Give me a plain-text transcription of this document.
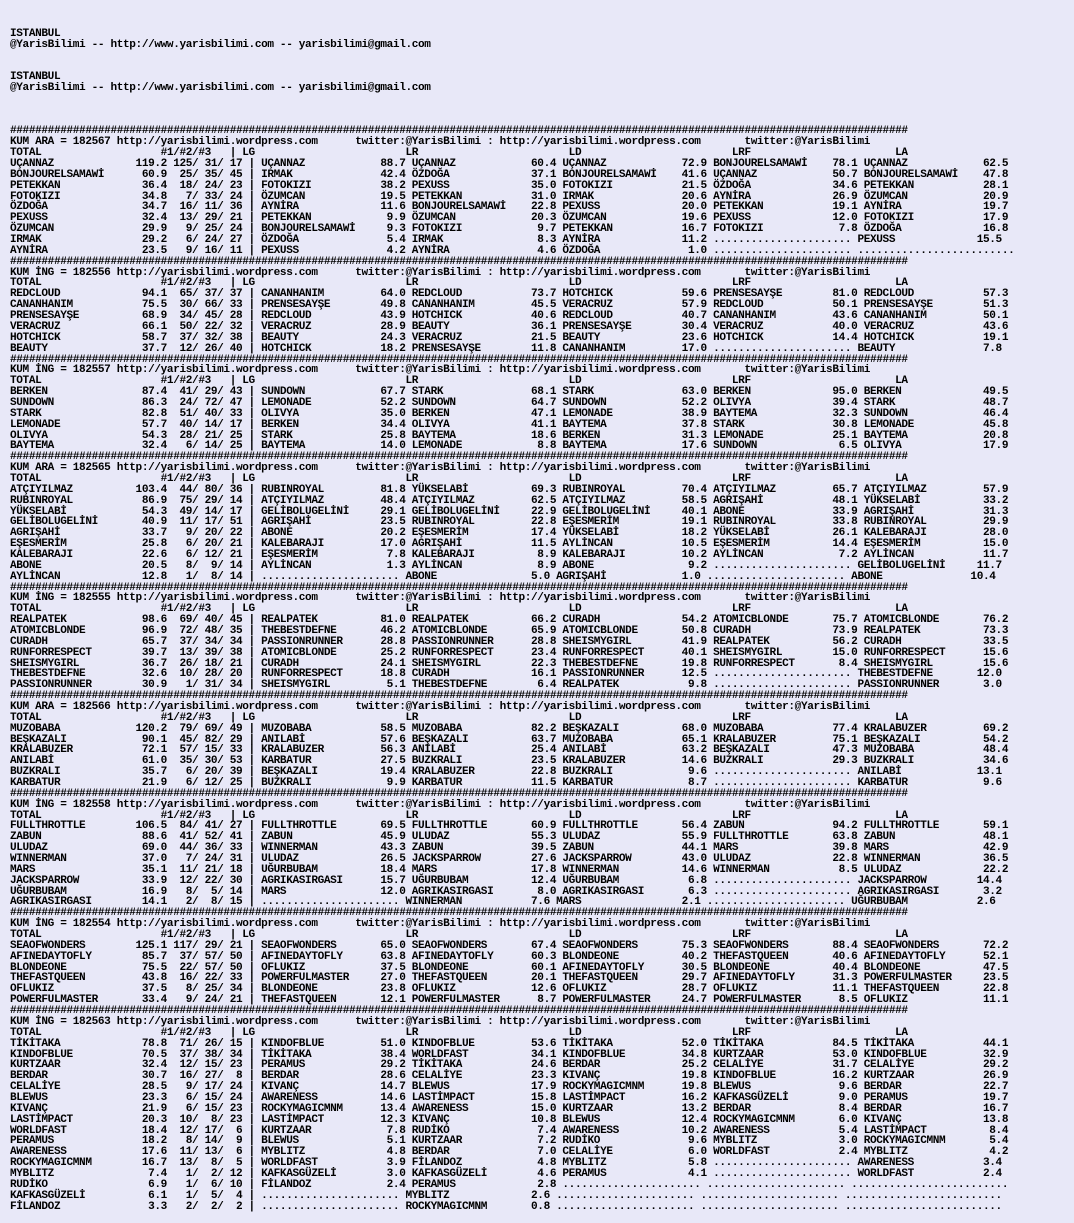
ISTANBUL
@YarisBilimi -- http://www.yarisbilimi.com -- yarisbilimi@gmail.com

ISTANBUL
@YarisBilimi -- http://www.yarisbilimi.com -- yarisbilimi@gmail.com

###############################################################################################################################################
KUM ARA = 182567 http://yarisbilimi.wordpress.com      twitter:@YarisBilimi : http://yarisbilimi.wordpress.com       twitter:@YarisBilimi
TOTAL                   #1/#2/#3   | LG                        LR                        LD                        LRF                       LA
UÇANNAZ             119.2 125/ 31/ 17 | UÇANNAZ            88.7 UÇANNAZ            60.4 UÇANNAZ            72.9 BONJOURELSAMAWİ    78.1 UÇANNAZ            62.5
BONJOURELSAMAWİ      60.9  25/ 35/ 45 | IRMAK              42.4 ÖZDOĞA             37.1 BONJOURELSAMAWİ    41.6 UÇANNAZ            50.7 BONJOURELSAMAWİ    47.8
PETEKKAN             36.4  18/ 24/ 23 | FOTOKIZI           38.2 PEXUSS             35.0 FOTOKIZI           21.5 ÖZDOĞA             34.6 PETEKKAN           28.1
FOTOKIZI             34.8   7/ 33/ 24 | ÖZUMCAN            19.5 PETEKKAN           31.0 IRMAK              20.6 AYNİRA             26.9 ÖZUMCAN            20.9
ÖZDOĞA               34.7  16/ 11/ 36 | AYNİRA             11.6 BONJOURELSAMAWİ    22.8 PEXUSS             20.0 PETEKKAN           19.1 AYNİRA             19.7
PEXUSS               32.4  13/ 29/ 21 | PETEKKAN            9.9 ÖZUMCAN            20.3 ÖZUMCAN            19.6 PEXUSS             12.0 FOTOKIZI           17.9
ÖZUMCAN              29.9   9/ 25/ 24 | BONJOURELSAMAWİ     9.3 FOTOKIZI            9.7 PETEKKAN           16.7 FOTOKIZI            7.8 ÖZDOĞA             16.8
IRMAK                29.2   6/ 24/ 27 | ÖZDOĞA              5.4 IRMAK               8.3 AYNİRA             11.2 ...................... PEXUSS             15.5
AYNİRA               23.5   9/ 16/ 11 | PEXUSS              4.2 AYNİRA              4.6 ÖZDOĞA              1.0 ...................... .........................
###############################################################################################################################################
KUM İNG = 182556 http://yarisbilimi.wordpress.com      twitter:@YarisBilimi : http://yarisbilimi.wordpress.com       twitter:@YarisBilimi
TOTAL                   #1/#2/#3   | LG                        LR                        LD                        LRF                       LA
REDCLOUD             94.1  65/ 37/ 37 | CANANHANIM         64.0 REDCLOUD           73.7 HOTCHICK           59.6 PRENSESAYŞE        81.0 REDCLOUD           57.3
CANANHANIM           75.5  30/ 66/ 33 | PRENSESAYŞE        49.8 CANANHANIM         45.5 VERACRUZ           57.9 REDCLOUD           50.1 PRENSESAYŞE        51.3
PRENSESAYŞE          68.9  34/ 45/ 28 | REDCLOUD           43.9 HOTCHICK           40.6 REDCLOUD           40.7 CANANHANIM         43.6 CANANHANIM         50.1
VERACRUZ             66.1  50/ 22/ 32 | VERACRUZ           28.9 BEAUTY             36.1 PRENSESAYŞE        30.4 VERACRUZ           40.0 VERACRUZ           43.6
HOTCHICK             58.7  37/ 32/ 38 | BEAUTY             24.3 VERACRUZ           21.5 BEAUTY             23.6 HOTCHICK           14.4 HOTCHICK           19.1
BEAUTY               37.7  12/ 26/ 40 | HOTCHICK           18.2 PRENSESAYŞE        11.8 CANANHANIM         17.0 ...................... BEAUTY              7.8
###############################################################################################################################################
KUM İNG = 182557 http://yarisbilimi.wordpress.com      twitter:@YarisBilimi : http://yarisbilimi.wordpress.com       twitter:@YarisBilimi
TOTAL                   #1/#2/#3   | LG                        LR                        LD                        LRF                       LA
BERKEN               87.4  41/ 29/ 43 | SUNDOWN            67.7 STARK              68.1 STARK              63.0 BERKEN             95.0 BERKEN             49.5
SUNDOWN              86.3  24/ 72/ 47 | LEMONADE           52.2 SUNDOWN            64.7 SUNDOWN            52.2 OLIVYA             39.4 STARK              48.7
STARK                82.8  51/ 40/ 33 | OLIVYA             35.0 BERKEN             47.1 LEMONADE           38.9 BAYTEMA            32.3 SUNDOWN            46.4
LEMONADE             57.7  40/ 14/ 17 | BERKEN             34.4 OLIVYA             41.1 BAYTEMA            37.8 STARK              30.8 LEMONADE           45.8
OLIVYA               54.3  28/ 21/ 25 | STARK              25.8 BAYTEMA            18.6 BERKEN             31.3 LEMONADE           25.1 BAYTEMA            20.8
BAYTEMA              32.4   6/ 14/ 25 | BAYTEMA            14.0 LEMONADE            8.8 BAYTEMA            17.6 SUNDOWN             6.5 OLIVYA             17.9
###############################################################################################################################################
KUM ARA = 182565 http://yarisbilimi.wordpress.com      twitter:@YarisBilimi : http://yarisbilimi.wordpress.com       twitter:@YarisBilimi
TOTAL                   #1/#2/#3   | LG                        LR                        LD                        LRF                       LA
ATÇIYILMAZ          103.4  44/ 80/ 36 | RUBINROYAL         81.8 YÜKSELABİ          69.3 RUBINROYAL         70.4 ATÇIYILMAZ         65.7 ATÇIYILMAZ         57.9
RUBINROYAL           86.9  75/ 29/ 14 | ATÇIYILMAZ         48.4 ATÇIYILMAZ         62.5 ATÇIYILMAZ         58.5 AGRIŞAHİ           48.1 YÜKSELABİ          33.2
YÜKSELABİ            54.3  49/ 14/ 17 | GELİBOLUGELİNİ     29.1 GELİBOLUGELİNİ     22.9 GELİBOLUGELİNİ     40.1 ABONE              33.9 AGRIŞAHİ           31.3
GELİBOLUGELİNİ       40.9  11/ 17/ 51 | AGRIŞAHİ           23.5 RUBINROYAL         22.8 EŞESMERİM          19.1 RUBINROYAL         33.8 RUBINROYAL         29.9
AGRIŞAHİ             33.7   9/ 20/ 22 | ABONE              20.2 EŞESMERİM          17.4 YÜKSELABİ          18.2 YÜKSELABİ          26.1 KALEBARAJI         28.0
EŞESMERİM            25.8   6/ 20/ 21 | KALEBARAJI         17.0 AGRIŞAHİ           11.5 AYLİNCAN           10.5 EŞESMERİM          14.4 EŞESMERİM          15.0
KALEBARAJI           22.6   6/ 12/ 21 | EŞESMERİM           7.8 KALEBARAJI          8.9 KALEBARAJI         10.2 AYLİNCAN            7.2 AYLİNCAN           11.7
ABONE                20.5   8/  9/ 14 | AYLİNCAN            1.3 AYLİNCAN            8.9 ABONE               9.2 ...................... GELİBOLUGELİNİ     11.7
AYLİNCAN             12.8   1/  8/ 14 | ...................... ABONE               5.0 AGRIŞAHİ            1.0 ...................... ABONE              10.4
###############################################################################################################################################
KUM İNG = 182555 http://yarisbilimi.wordpress.com      twitter:@YarisBilimi : http://yarisbilimi.wordpress.com       twitter:@YarisBilimi
TOTAL                   #1/#2/#3   | LG                        LR                        LD                        LRF                       LA
REALPATEK            98.6  69/ 40/ 45 | REALPATEK          81.0 REALPATEK          66.2 CURADH             54.2 ATOMICBLONDE       75.7 ATOMICBLONDE       76.2
ATOMICBLONDE         96.9  72/ 48/ 35 | THEBESTDEFNE       46.2 ATOMICBLONDE       65.9 ATOMICBLONDE       50.8 CURADH             73.9 REALPATEK          73.3
CURADH               65.7  37/ 34/ 34 | PASSIONRUNNER      28.8 PASSIONRUNNER      28.8 SHEISMYGIRL        41.9 REALPATEK          56.2 CURADH             33.5
RUNFORRESPECT        39.7  13/ 39/ 38 | ATOMICBLONDE       25.2 RUNFORRESPECT      23.4 RUNFORRESPECT      40.1 SHEISMYGIRL        15.0 RUNFORRESPECT      15.6
SHEISMYGIRL          36.7  26/ 18/ 21 | CURADH             24.1 SHEISMYGIRL        22.3 THEBESTDEFNE       19.8 RUNFORRESPECT       8.4 SHEISMYGIRL        15.6
THEBESTDEFNE         32.6  10/ 28/ 20 | RUNFORRESPECT      18.8 CURADH             16.1 PASSIONRUNNER      12.5 ...................... THEBESTDEFNE       12.0
PASSIONRUNNER        30.9   1/ 31/ 34 | SHEISMYGIRL         5.1 THEBESTDEFNE        6.4 REALPATEK           9.8 ...................... PASSIONRUNNER       3.0
###############################################################################################################################################
KUM ARA = 182566 http://yarisbilimi.wordpress.com      twitter:@YarisBilimi : http://yarisbilimi.wordpress.com       twitter:@YarisBilimi
TOTAL                   #1/#2/#3   | LG                        LR                        LD                        LRF                       LA
MUZOBABA            120.2  79/ 69/ 49 | MUZOBABA           58.5 MUZOBABA           82.2 BEŞKAZALI          68.0 MUZOBABA           77.4 KRALABUZER         69.2
BEŞKAZALI            90.1  45/ 82/ 29 | ANILABİ            57.6 BEŞKAZALI          63.7 MUZOBABA           65.1 KRALABUZER         75.1 BEŞKAZALI          54.2
KRALABUZER           72.1  57/ 15/ 33 | KRALABUZER         56.3 ANILABİ            25.4 ANILABİ            63.2 BEŞKAZALI          47.3 MUZOBABA           48.4
ANILABİ              61.0  35/ 30/ 53 | KARBATUR           27.5 BUZKRALI           23.5 KRALABUZER         14.6 BUZKRALI           29.3 BUZKRALI           34.6
BUZKRALI             35.7   6/ 20/ 39 | BEŞKAZALI          19.4 KRALABUZER         22.8 BUZKRALI            9.6 ...................... ANILABİ            13.1
KARBATUR             21.9   6/ 12/ 25 | BUZKRALI            9.9 KARBATUR           11.5 KARBATUR            8.7 ...................... KARBATUR            9.6
###############################################################################################################################################
KUM İNG = 182558 http://yarisbilimi.wordpress.com      twitter:@YarisBilimi : http://yarisbilimi.wordpress.com       twitter:@YarisBilimi
TOTAL                   #1/#2/#3   | LG                        LR                        LD                        LRF                       LA
FULLTHROTTLE        106.5  84/ 41/ 27 | FULLTHROTTLE       69.5 FULLTHROTTLE       60.9 FULLTHROTTLE       56.4 ZABUN              94.2 FULLTHROTTLE       59.1
ZABUN                88.6  41/ 52/ 41 | ZABUN              45.9 ULUDAZ             55.3 ULUDAZ             55.9 FULLTHROTTLE       63.8 ZABUN              48.1
ULUDAZ               69.0  44/ 36/ 33 | WINNERMAN          43.3 ZABUN              39.5 ZABUN              44.1 MARS               39.8 MARS               42.9
WINNERMAN            37.0   7/ 24/ 31 | ULUDAZ             26.5 JACKSPARROW        27.6 JACKSPARROW        43.0 ULUDAZ             22.8 WINNERMAN          36.5
MARS                 35.1  11/ 21/ 18 | UĞURBUBAM          18.4 MARS               17.8 WINNERMAN          14.6 WINNERMAN           8.5 ULUDAZ             22.2
JACKSPARROW          33.9  12/ 22/ 30 | AGRIKASIRGASI      15.7 UĞURBUBAM          12.4 UĞURBUBAM           6.8 ...................... JACKSPARROW        14.4
UĞURBUBAM            16.9   8/  5/ 14 | MARS               12.0 AGRIKASIRGASI       8.0 AGRIKASIRGASI       6.3 ...................... AGRIKASIRGASI       3.2
AGRIKASIRGASI        14.1   2/  8/ 15 | ...................... WINNERMAN           7.6 MARS                2.1 ...................... UĞURBUBAM           2.6
###############################################################################################################################################
KUM İNG = 182554 http://yarisbilimi.wordpress.com      twitter:@YarisBilimi : http://yarisbilimi.wordpress.com       twitter:@YarisBilimi
TOTAL                   #1/#2/#3   | LG                        LR                        LD                        LRF                       LA
SEAOFWONDERS        125.1 117/ 29/ 21 | SEAOFWONDERS       65.0 SEAOFWONDERS       67.4 SEAOFWONDERS       75.3 SEAOFWONDERS       88.4 SEAOFWONDERS       72.2
AFINEDAYTOFLY        85.7  37/ 57/ 50 | AFINEDAYTOFLY      63.8 AFINEDAYTOFLY      60.3 BLONDEONE          40.2 THEFASTQUEEN       40.6 AFINEDAYTOFLY      52.1
BLONDEONE            75.5  22/ 57/ 50 | OFLUKIZ            37.5 BLONDEONE          60.1 AFINEDAYTOFLY      30.5 BLONDEONE          40.4 BLONDEONE          47.5
THEFASTQUEEN         43.8  16/ 22/ 33 | POWERFULMASTER     27.0 THEFASTQUEEN       20.1 THEFASTQUEEN       29.7 AFINEDAYTOFLY      31.3 POWERFULMASTER     23.5
OFLUKIZ              37.5   8/ 25/ 34 | BLONDEONE          23.8 OFLUKIZ            12.6 OFLUKIZ            28.7 OFLUKIZ            11.1 THEFASTQUEEN       22.8
POWERFULMASTER       33.4   9/ 24/ 21 | THEFASTQUEEN       12.1 POWERFULMASTER      8.7 POWERFULMASTER     24.7 POWERFULMASTER      8.5 OFLUKIZ            11.1
###############################################################################################################################################
KUM İNG = 182563 http://yarisbilimi.wordpress.com      twitter:@YarisBilimi : http://yarisbilimi.wordpress.com       twitter:@YarisBilimi
TOTAL                   #1/#2/#3   | LG                        LR                        LD                        LRF                       LA
TİKİTAKA             78.8  71/ 26/ 15 | KINDOFBLUE         51.0 KINDOFBLUE         53.6 TİKİTAKA           52.0 TİKİTAKA           84.5 TİKİTAKA           44.1
KINDOFBLUE           70.5  37/ 38/ 34 | TİKİTAKA           38.4 WORLDFAST          34.1 KINDOFBLUE         34.8 KURTZAAR           53.0 KINDOFBLUE         32.9
KURTZAAR             32.4  12/ 15/ 23 | PERAMUS            29.2 TİKİTAKA           24.6 BERDAR             25.2 CELALİYE           31.7 CELALİYE           29.2
BERDAR               30.7  16/ 27/  8 | BERDAR             28.6 CELALİYE           23.3 KIVANÇ             19.8 KINDOFBLUE         16.2 KURTZAAR           26.9
CELALİYE             28.5   9/ 17/ 24 | KIVANÇ             14.7 BLEWUS             17.9 ROCKYMAGICMNM      19.8 BLEWUS              9.6 BERDAR             22.7
BLEWUS               23.3   6/ 15/ 24 | AWARENESS          14.6 LASTİMPACT         15.8 LASTİMPACT         16.2 KAFKASGÜZELİ        9.0 PERAMUS            19.7
KIVANÇ               21.9   6/ 15/ 23 | ROCKYMAGICMNM      13.4 AWARENESS          15.0 KURTZAAR           13.2 BERDAR              8.4 BERDAR             16.7
LASTİMPACT           20.3  10/  8/ 23 | LASTİMPACT         12.3 KIVANÇ             10.8 BLEWUS             12.4 ROCKYMAGICMNM       6.0 KIVANÇ             13.8
WORLDFAST            18.4  12/ 17/  6 | KURTZAAR            7.8 RUDİKO              7.4 AWARENESS          10.2 AWARENESS           5.4 LASTİMPACT          8.4
PERAMUS              18.2   8/ 14/  9 | BLEWUS              5.1 KURTZAAR            7.2 RUDİKO              9.6 MYBLITZ             3.0 ROCKYMAGICMNM       5.4
AWARENESS            17.6  11/ 13/  6 | MYBLITZ             4.8 BERDAR              7.0 CELALİYE            6.0 WORLDFAST           2.4 MYBLITZ             4.2
ROCKYMAGICMNM        16.7  13/  8/  5 | WORLDFAST           3.9 FİLANDOZ            4.8 MYBLITZ             5.8 ...................... AWARENESS           3.4
MYBLITZ               7.4   1/  2/ 12 | KAFKASGÜZELİ        3.0 KAFKASGÜZELİ        4.6 PERAMUS             4.1 ...................... WORLDFAST           2.4
RUDİKO                6.9   1/  6/ 10 | FİLANDOZ            2.4 PERAMUS             2.8 ...................... ...................... .........................
KAFKASGÜZELİ          6.1   1/  5/  4 | ...................... MYBLITZ             2.6 ...................... ...................... .........................
FİLANDOZ              3.3   2/  2/  2 | ...................... ROCKYMAGICMNM       0.8 ...................... ...................... .........................
